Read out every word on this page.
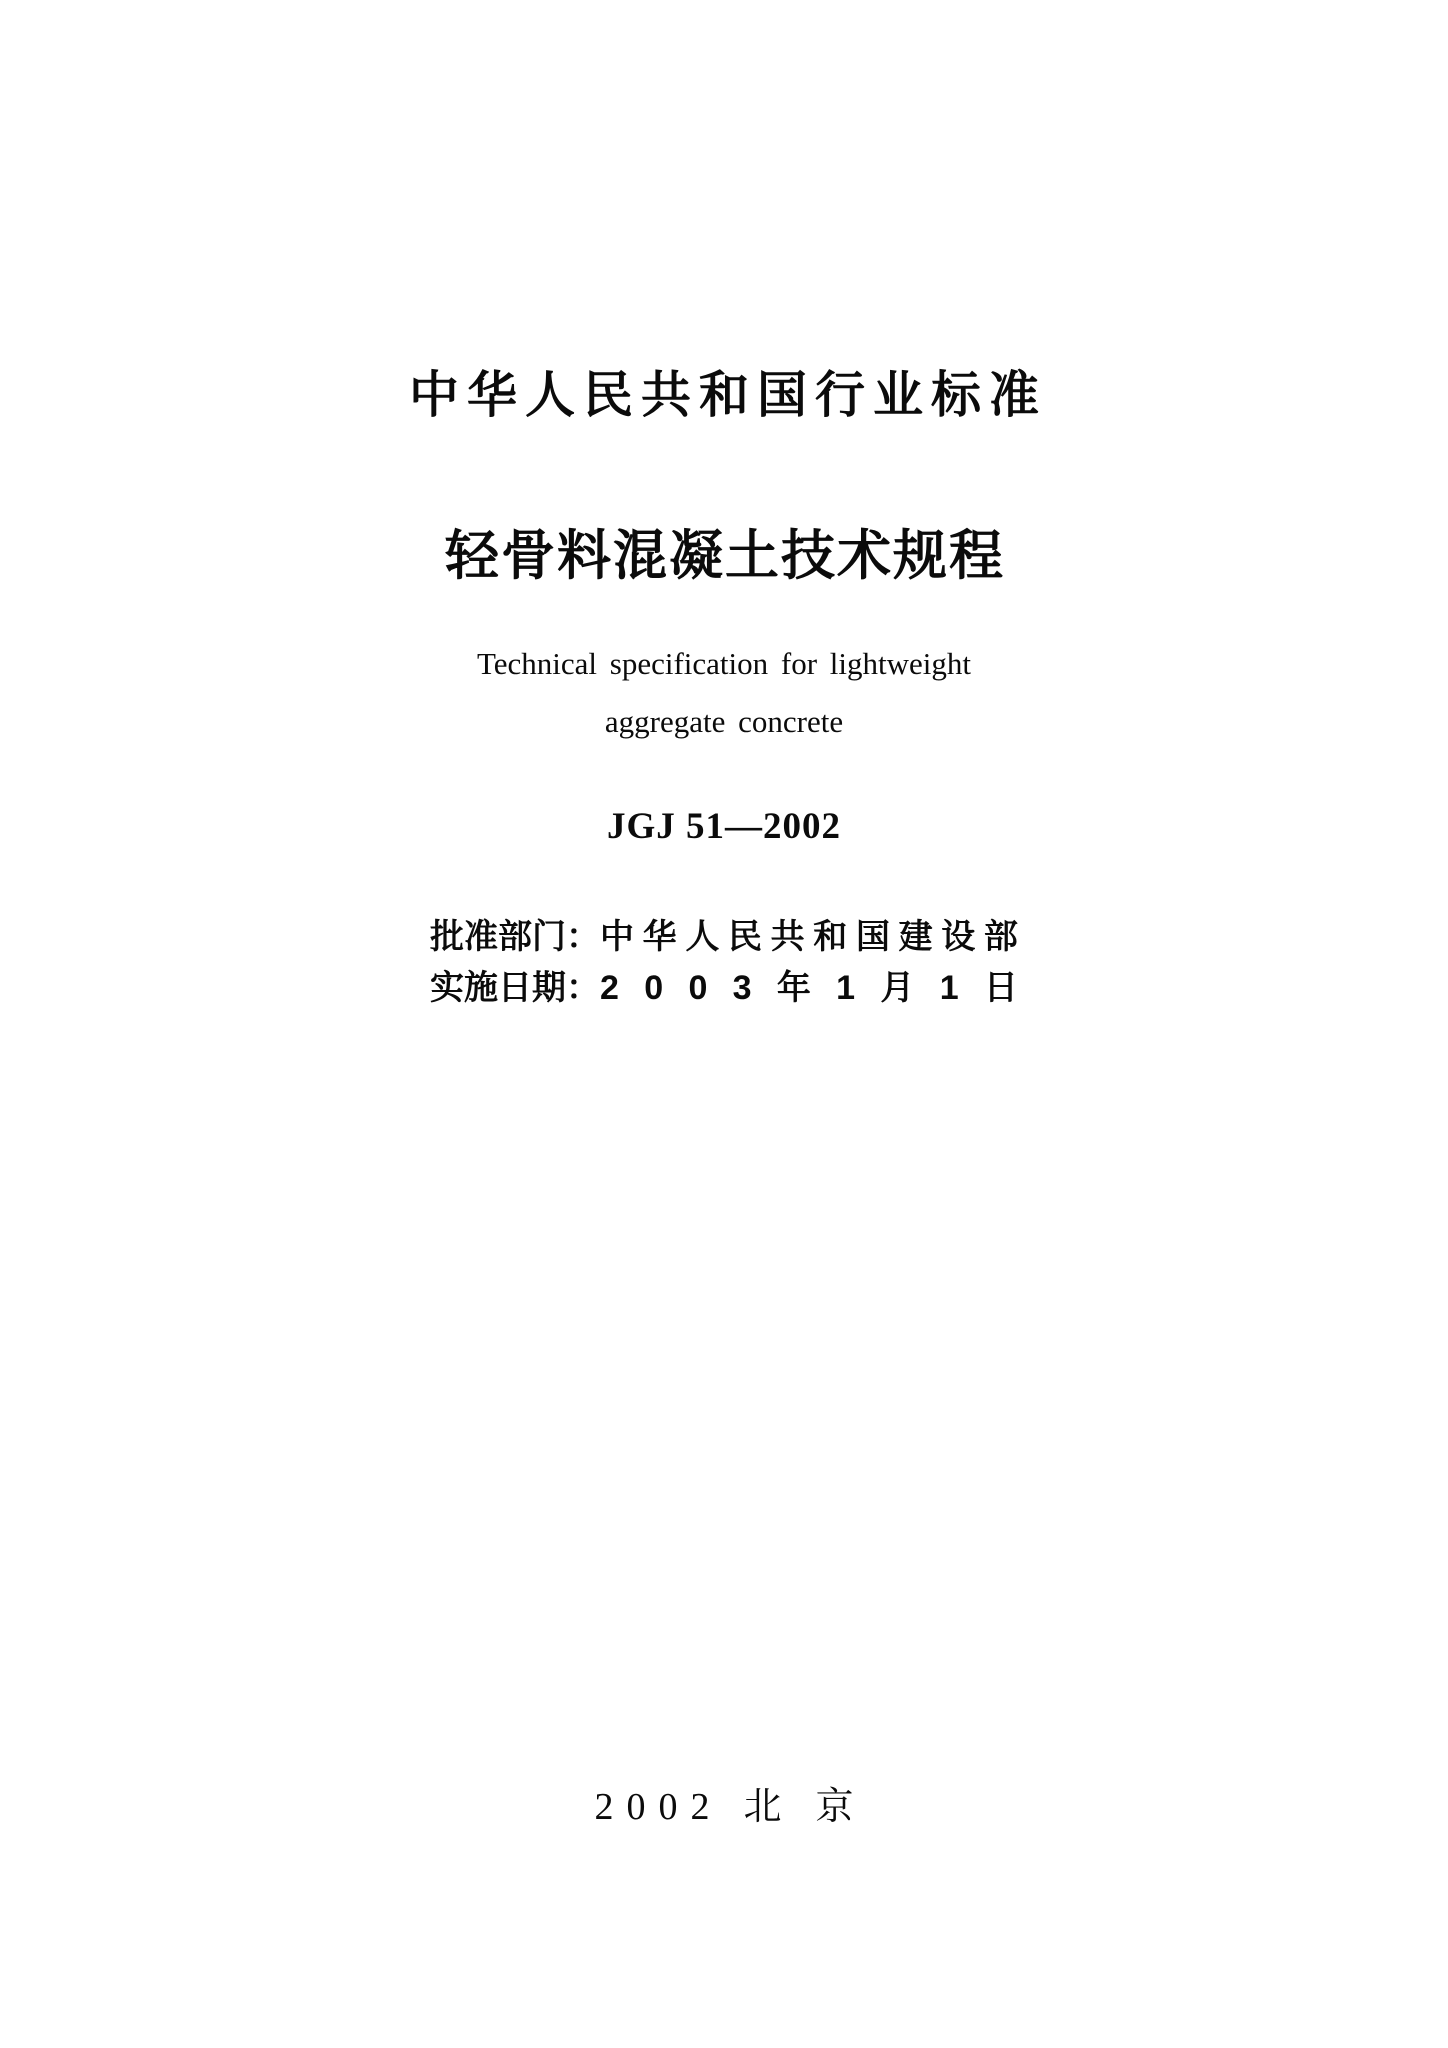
中华人民共和国行业标准
轻骨料混凝土技术规程
Technical specification for lightweight
aggregate concrete
JGJ 51—2002
批准部门： 中 华 人 民 共 和 国 建 设 部
实施日期： 2 0 0 3 年 1 月 1 日
2002 北 京
